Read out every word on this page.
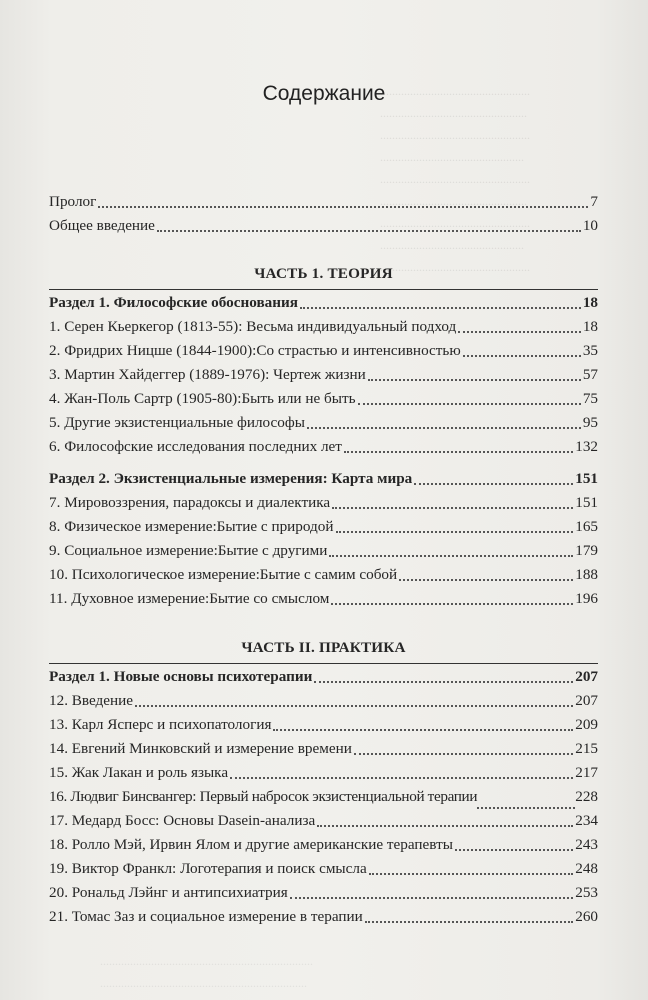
..................................................
.................................................
..................................................
................................................
..................................................
.................................................
..................................................
................................................
..................................................
.......................................................................
.....................................................................
Содержание
Пролог	7
Общее введение	10
ЧАСТЬ 1. ТЕОРИЯ
Раздел 1. Философские обоснования	18
1. Серен Кьеркегор (1813-55): Весьма индивидуальный подход	18
2. Фридрих Ницше (1844-1900):Со страстью и интенсивностью	35
3. Мартин Хайдеггер (1889-1976): Чертеж жизни	57
4. Жан-Поль Сартр (1905-80):Быть или не быть	75
5. Другие экзистенциальные философы	95
6. Философские исследования последних лет	132
Раздел 2. Экзистенциальные измерения: Карта мира	151
7. Мировоззрения, парадоксы и диалектика	151
8. Физическое измерение:Бытие с природой	165
9. Социальное измерение:Бытие с другими	179
10. Психологическое измерение:Бытие с самим собой	188
11. Духовное измерение:Бытие со смыслом	196
ЧАСТЬ II. ПРАКТИКА
Раздел 1. Новые основы психотерапии	207
12. Введение	207
13. Карл Ясперс и психопатология	209
14. Евгений Минковский и измерение времени	215
15. Жак Лакан и роль языка	217
16. Людвиг Бинсвангер: Первый набросок экзистенциальной терапии	228
17. Медард Босс: Основы Dasein-анализа	234
18. Ролло Мэй, Ирвин Ялом и другие американские терапевты	243
19. Виктор Франкл: Логотерапия и поиск смысла	248
20. Рональд Лэйнг и антипсихиатрия	253
21. Томас Заз и социальное измерение в терапии	260
